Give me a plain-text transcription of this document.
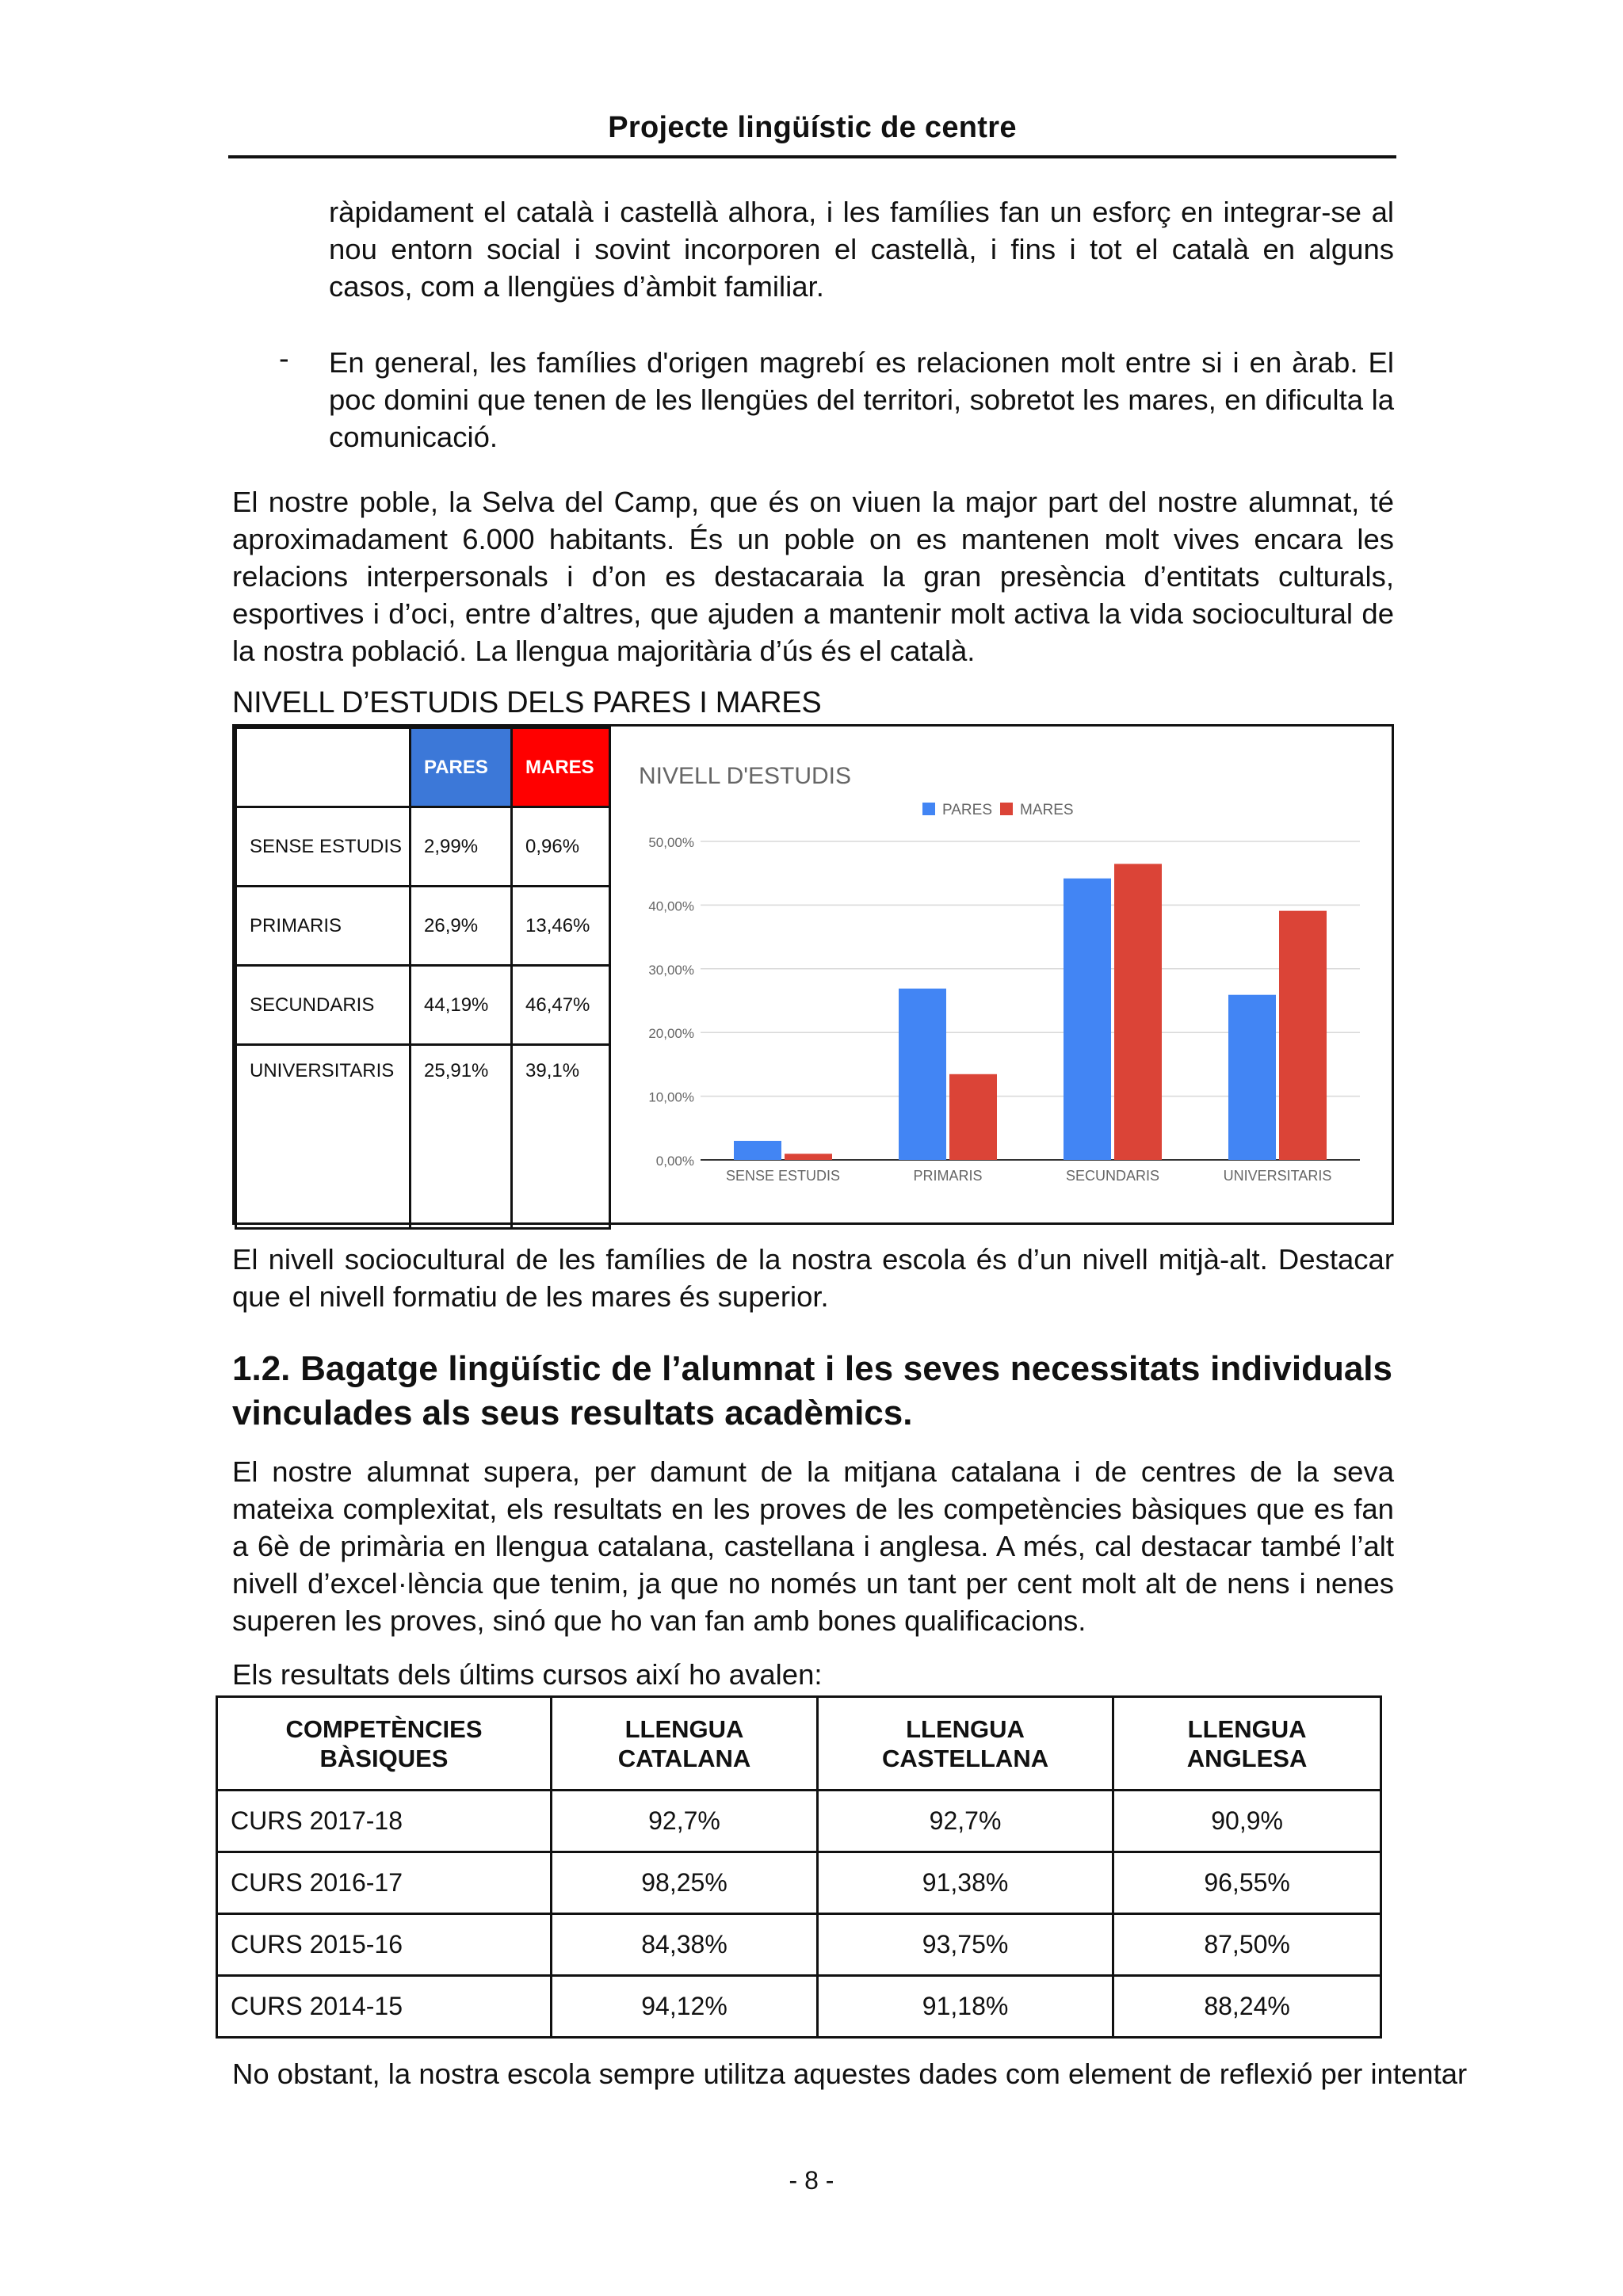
Projecte lingüístic de centre
ràpidament el català i castellà alhora, i les famílies fan un esforç en integrar-se al nou entorn social i sovint incorporen el castellà, i fins i tot el català en alguns casos, com a llengües d’àmbit familiar.
- En general, les famílies d'origen magrebí es relacionen molt entre si i en àrab. El poc domini que tenen de les llengües del territori, sobretot les mares, en dificulta la comunicació.
El nostre poble, la Selva del Camp, que és on viuen la major part del nostre alumnat, té aproximadament 6.000 habitants. És un poble on es mantenen molt vives encara les relacions interpersonals i d’on es destacaraia la gran presència d’entitats culturals, esportives i d’oci, entre d’altres, que ajuden a mantenir molt activa la vida sociocultural de la nostra població. La llengua majoritària d’ús és el català.
NIVELL D’ESTUDIS DELS PARES I MARES
	PARES	MARES
SENSE ESTUDIS	2,99%	0,96%
PRIMARIS	26,9%	13,46%
SECUNDARIS	44,19%	46,47%
UNIVERSITARIS	25,91%	39,1%
NIVELL D'ESTUDIS
PARES MARES
0,00%
10,00%
20,00%
30,00%
40,00%
50,00%
SENSE ESTUDIS	PRIMARIS	SECUNDARIS	UNIVERSITARIS
El nivell sociocultural de les famílies de la nostra escola és d’un nivell mitjà-alt. Destacar que el nivell formatiu de les mares és superior.
1.2. Bagatge lingüístic de l’alumnat i les seves necessitats individuals vinculades als seus resultats acadèmics.
El nostre alumnat supera, per damunt de la mitjana catalana i de centres de la seva mateixa complexitat, els resultats en les proves de les competències bàsiques que es fan a 6è de primària en llengua catalana, castellana i anglesa. A més, cal destacar també l’alt nivell d’excel·lència que tenim, ja que no només un tant per cent molt alt de nens i nenes superen les proves, sinó que ho van fan amb bones qualificacions.
Els resultats dels últims cursos així ho avalen:
COMPETÈNCIES BÀSIQUES	LLENGUA CATALANA	LLENGUA CASTELLANA	LLENGUA ANGLESA
CURS 2017-18	92,7%	92,7%	90,9%
CURS 2016-17	98,25%	91,38%	96,55%
CURS 2015-16	84,38%	93,75%	87,50%
CURS 2014-15	94,12%	91,18%	88,24%
No obstant, la nostra escola sempre utilitza aquestes dades com element de reflexió per intentar
- 8 -
